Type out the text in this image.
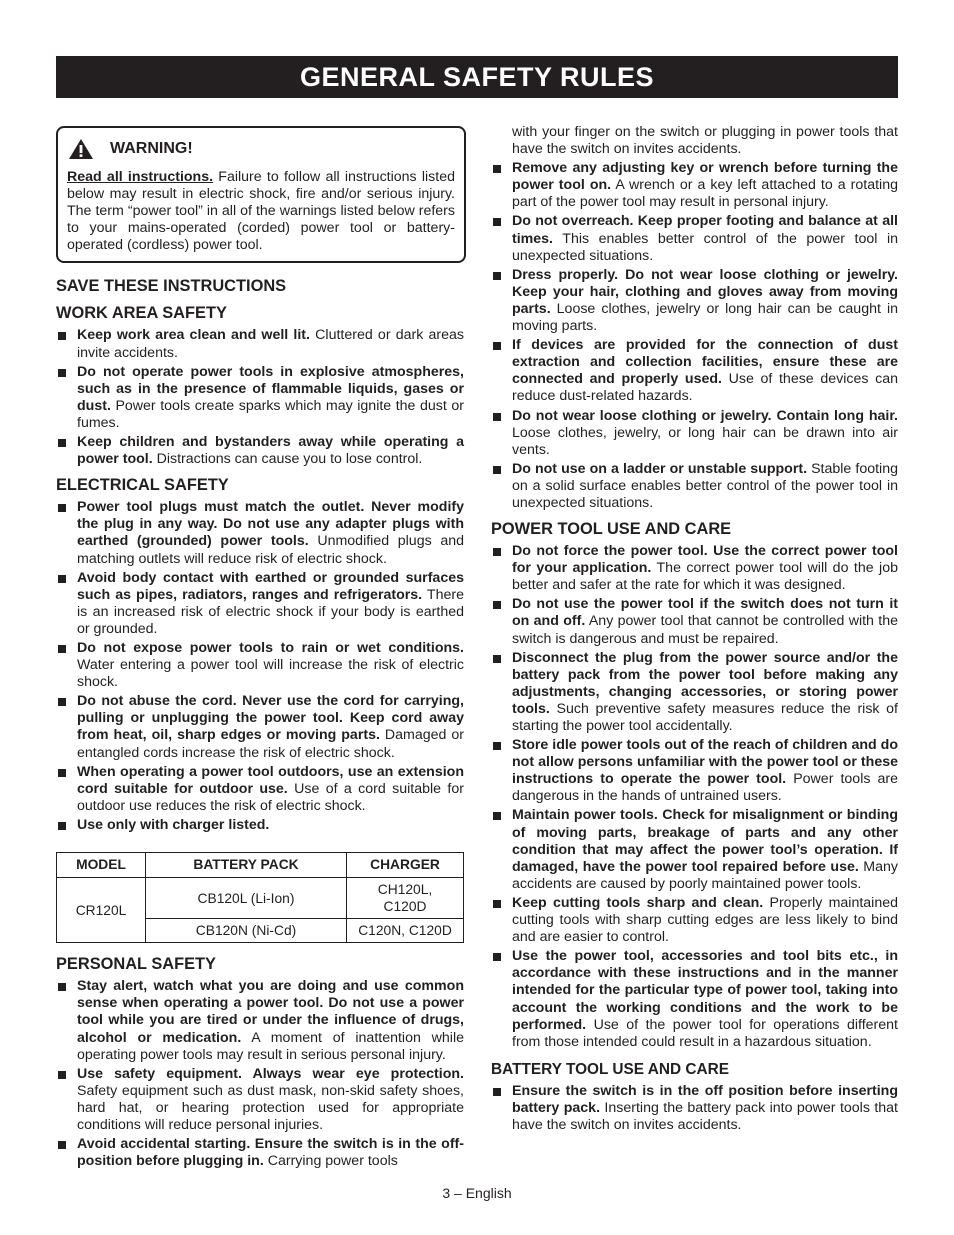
GENERAL SAFETY RULES
WARNING!
Read all instructions. Failure to follow all instructions listed below may result in electric shock, fire and/or serious injury. The term “power tool” in all of the warnings listed below refers to your mains-operated (corded) power tool or battery-operated (cordless) power tool.
SAVE THESE INSTRUCTIONS
WORK AREA SAFETY
Keep work area clean and well lit. Cluttered or dark areas invite accidents.
Do not operate power tools in explosive atmospheres, such as in the presence of flammable liquids, gases or dust. Power tools create sparks which may ignite the dust or fumes.
Keep children and bystanders away while operating a power tool. Distractions can cause you to lose control.
ELECTRICAL SAFETY
Power tool plugs must match the outlet. Never modify the plug in any way. Do not use any adapter plugs with earthed (grounded) power tools. Unmodified plugs and matching outlets will reduce risk of electric shock.
Avoid body contact with earthed or grounded surfaces such as pipes, radiators, ranges and refrigerators. There is an increased risk of electric shock if your body is earthed or grounded.
Do not expose power tools to rain or wet conditions. Water entering a power tool will increase the risk of electric shock.
Do not abuse the cord. Never use the cord for carrying, pulling or unplugging the power tool. Keep cord away from heat, oil, sharp edges or moving parts. Damaged or entangled cords increase the risk of electric shock.
When operating a power tool outdoors, use an extension cord suitable for outdoor use. Use of a cord suitable for outdoor use reduces the risk of electric shock.
Use only with charger listed.
MODEL	BATTERY PACK	CHARGER
CR120L	CB120L (Li-Ion)	CH120L, C120D
	CB120N (Ni-Cd)	C120N, C120D
PERSONAL SAFETY
Stay alert, watch what you are doing and use common sense when operating a power tool. Do not use a power tool while you are tired or under the influence of drugs, alcohol or medication. A moment of inattention while operating power tools may result in serious personal injury.
Use safety equipment. Always wear eye protection. Safety equipment such as dust mask, non-skid safety shoes, hard hat, or hearing protection used for appropriate conditions will reduce personal injuries.
Avoid accidental starting. Ensure the switch is in the off-position before plugging in. Carrying power tools
with your finger on the switch or plugging in power tools that have the switch on invites accidents.
Remove any adjusting key or wrench before turning the power tool on. A wrench or a key left attached to a rotating part of the power tool may result in personal injury.
Do not overreach. Keep proper footing and balance at all times. This enables better control of the power tool in unexpected situations.
Dress properly. Do not wear loose clothing or jewelry. Keep your hair, clothing and gloves away from moving parts. Loose clothes, jewelry or long hair can be caught in moving parts.
If devices are provided for the connection of dust extraction and collection facilities, ensure these are connected and properly used. Use of these devices can reduce dust-related hazards.
Do not wear loose clothing or jewelry. Contain long hair. Loose clothes, jewelry, or long hair can be drawn into air vents.
Do not use on a ladder or unstable support. Stable footing on a solid surface enables better control of the power tool in unexpected situations.
POWER TOOL USE AND CARE
Do not force the power tool. Use the correct power tool for your application. The correct power tool will do the job better and safer at the rate for which it was designed.
Do not use the power tool if the switch does not turn it on and off. Any power tool that cannot be controlled with the switch is dangerous and must be repaired.
Disconnect the plug from the power source and/or the battery pack from the power tool before making any adjustments, changing accessories, or storing power tools. Such preventive safety measures reduce the risk of starting the power tool accidentally.
Store idle power tools out of the reach of children and do not allow persons unfamiliar with the power tool or these instructions to operate the power tool. Power tools are dangerous in the hands of untrained users.
Maintain power tools. Check for misalignment or binding of moving parts, breakage of parts and any other condition that may affect the power tool’s operation. If damaged, have the power tool repaired before use. Many accidents are caused by poorly maintained power tools.
Keep cutting tools sharp and clean. Properly maintained cutting tools with sharp cutting edges are less likely to bind and are easier to control.
Use the power tool, accessories and tool bits etc., in accordance with these instructions and in the manner intended for the particular type of power tool, taking into account the working conditions and the work to be performed. Use of the power tool for operations different from those intended could result in a hazardous situation.
BATTERY TOOL USE AND CARE
Ensure the switch is in the off position before inserting battery pack. Inserting the battery pack into power tools that have the switch on invites accidents.
3 – English
